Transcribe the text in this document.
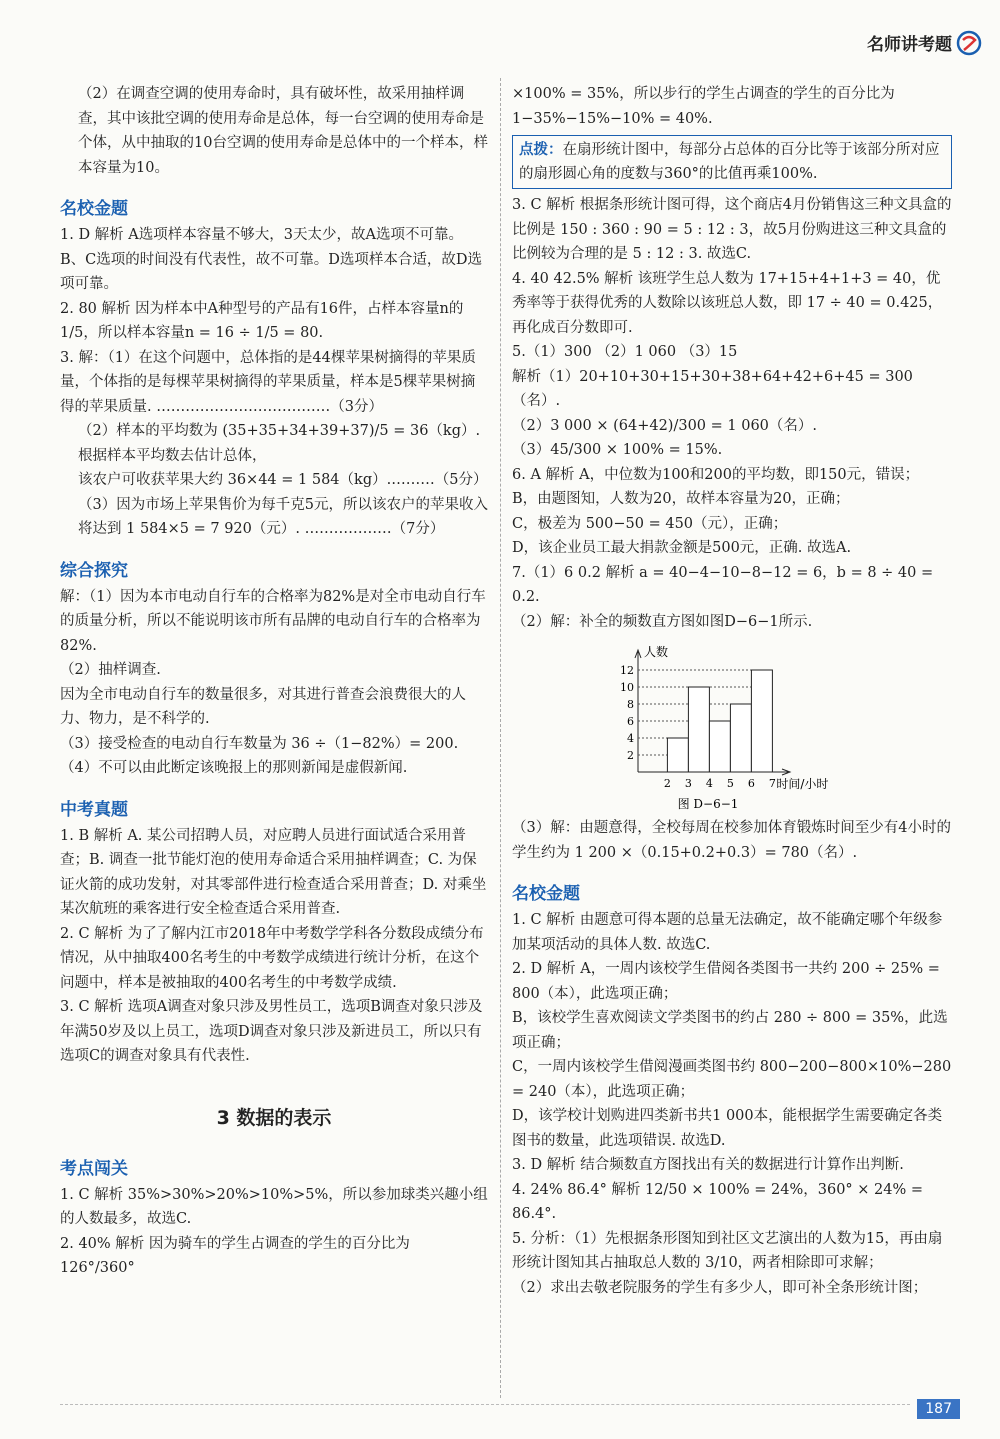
名师讲考题

（2）在调查空调的使用寿命时，具有破坏性，故采用抽样调查，其中该批空调的使用寿命是总体，每一台空调的使用寿命是个体，从中抽取的10台空调的使用寿命是总体中的一个样本，样本容量为10。

名校金题

1. D 解析 A选项样本容量不够大，3天太少，故A选项不可靠。B、C选项的时间没有代表性，故不可靠。D选项样本合适，故D选项可靠。

2. 80 解析 因为样本中A种型号的产品有16件，占样本容量n的1/5，所以样本容量n = 16 ÷ 1/5 = 80.

3. 解：（1）在这个问题中，总体指的是44棵苹果树摘得的苹果质量，个体指的是每棵苹果树摘得的苹果质量，样本是5棵苹果树摘得的苹果质量. ………………………………（3分）

（2）样本的平均数为 (35+35+34+39+37)/5 = 36（kg）.

根据样本平均数去估计总体，

该农户可收获苹果大约 36×44 = 1 584（kg）.………（5分）

（3）因为市场上苹果售价为每千克5元，所以该农户的苹果收入将达到 1 584×5 = 7 920（元）. ………………（7分）

综合探究

解：（1）因为本市电动自行车的合格率为82%是对全市电动自行车的质量分析，所以不能说明该市所有品牌的电动自行车的合格率为82%.

（2）抽样调查.

因为全市电动自行车的数量很多，对其进行普查会浪费很大的人力、物力，是不科学的.

（3）接受检查的电动自行车数量为 36 ÷（1−82%）= 200.

（4）不可以由此断定该晚报上的那则新闻是虚假新闻.

中考真题

1. B 解析 A. 某公司招聘人员，对应聘人员进行面试适合采用普查；B. 调查一批节能灯泡的使用寿命适合采用抽样调查；C. 为保证火箭的成功发射，对其零部件进行检查适合采用普查；D. 对乘坐某次航班的乘客进行安全检查适合采用普查.

2. C 解析 为了了解内江市2018年中考数学学科各分数段成绩分布情况，从中抽取400名考生的中考数学成绩进行统计分析，在这个问题中，样本是被抽取的400名考生的中考数学成绩.

3. C 解析 选项A调查对象只涉及男性员工，选项B调查对象只涉及年满50岁及以上员工，选项D调查对象只涉及新进员工，所以只有选项C的调查对象具有代表性.

3 数据的表示
考点闯关

1. C 解析 35%>30%>20%>10%>5%，所以参加球类兴趣小组的人数最多，故选C.

2. 40% 解析 因为骑车的学生占调查的学生的百分比为 126°/360°

×100% = 35%，所以步行的学生占调查的学生的百分比为 1−35%−15%−10% = 40%.

点拨：在扇形统计图中，每部分占总体的百分比等于该部分所对应的扇形圆心角的度数与360°的比值再乘100%.

3. C 解析 根据条形统计图可得，这个商店4月份销售这三种文具盒的比例是 150 : 360 : 90 = 5 : 12 : 3，故5月份购进这三种文具盒的比例较为合理的是 5 : 12 : 3. 故选C.

4. 40 42.5% 解析 该班学生总人数为 17+15+4+1+3 = 40，优秀率等于获得优秀的人数除以该班总人数，即 17 ÷ 40 = 0.425，再化成百分数即可.

5.（1）300 （2）1 060 （3）15

解析（1）20+10+30+15+30+38+64+42+6+45 = 300（名）.

（2）3 000 × (64+42)/300 = 1 060（名）.

（3）45/300 × 100% = 15%.

6. A 解析 A，中位数为100和200的平均数，即150元，错误；

B，由题图知，人数为20，故样本容量为20，正确；

C，极差为 500−50 = 450（元），正确；

D，该企业员工最大捐款金额是500元，正确. 故选A.

7.（1）6 0.2 解析 a = 40−4−10−8−12 = 6，b = 8 ÷ 40 = 0.2.

（2）解：补全的频数直方图如图D−6−1所示.

2
4
6
8
10
12
2 3 4 5 6 7
人数
时间/小时
图 D−6−1

（3）解：由题意得，全校每周在校参加体育锻炼时间至少有4小时的学生约为 1 200 ×（0.15+0.2+0.3）= 780（名）.

名校金题

1. C 解析 由题意可得本题的总量无法确定，故不能确定哪个年级参加某项活动的具体人数. 故选C.

2. D 解析 A，一周内该校学生借阅各类图书一共约 200 ÷ 25% = 800（本），此选项正确；

B，该校学生喜欢阅读文学类图书的约占 280 ÷ 800 = 35%，此选项正确；

C，一周内该校学生借阅漫画类图书约 800−200−800×10%−280 = 240（本），此选项正确；

D，该学校计划购进四类新书共1 000本，能根据学生需要确定各类图书的数量，此选项错误. 故选D.

3. D 解析 结合频数直方图找出有关的数据进行计算作出判断.

4. 24% 86.4° 解析 12/50 × 100% = 24%，360° × 24% = 86.4°.

5. 分析：（1）先根据条形图知到社区文艺演出的人数为15，再由扇形统计图知其占抽取总人数的 3/10，两者相除即可求解；

（2）求出去敬老院服务的学生有多少人，即可补全条形统计图；

187
